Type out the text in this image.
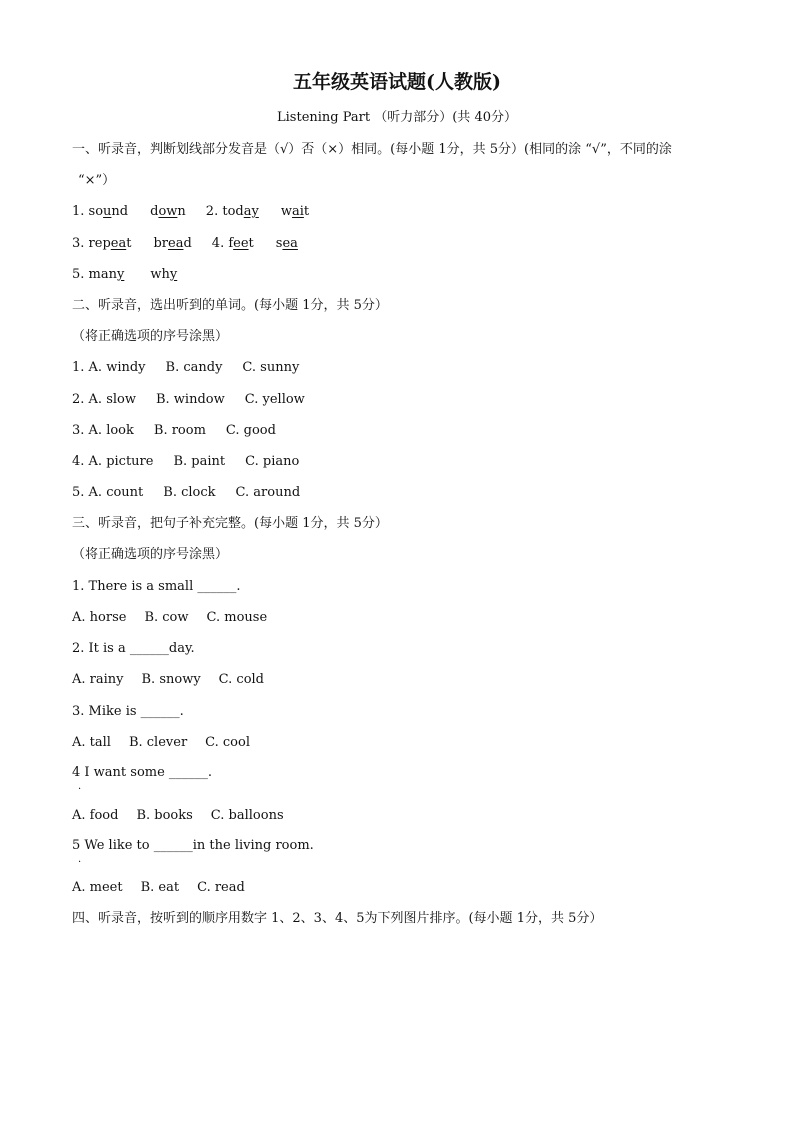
五年级英语试题(人教版)
Listening Part （听力部分）(共 40分）
一、听录音，判断划线部分发音是（√）否（×）相同。(每小题 1分，共 5分）(相同的涂 “√”，不同的涂
“×”）
1. sound down 2. today wait
3. repeat bread 4. feet sea
5. many why
二、听录音，选出听到的单词。(每小题 1分，共 5分）
（将正确选项的序号涂黑）
1. A. windy B. candy C. sunny
2. A. slow B. window C. yellow
3. A. look B. room C. good
4. A. picture B. paint C. piano
5. A. count B. clock C. around
三、听录音，把句子补充完整。(每小题 1分，共 5分）
（将正确选项的序号涂黑）
1. There is a small ______.
A. horse B. cow C. mouse
2. It is a ______day.
A. rainy B. snowy C. cold
3. Mike is ______.
A. tall B. clever C. cool
4 I want some ______.
·
A. food B. books C. balloons
5 We like to ______in the living room.
·
A. meet B. eat C. read
四、听录音，按听到的顺序用数字 1、2、3、4、5为下列图片排序。(每小题 1分，共 5分）
